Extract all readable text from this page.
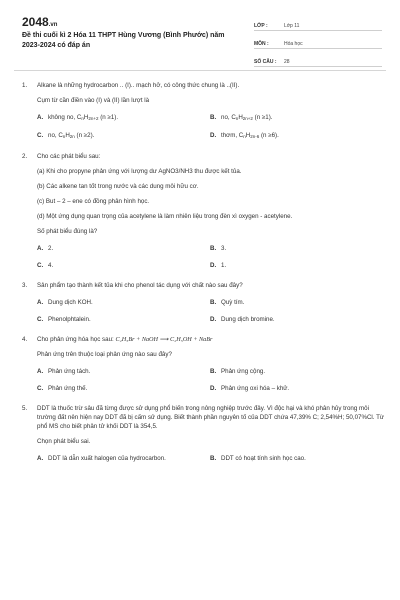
2048.vn
Đề thi cuối kì 2 Hóa 11 THPT Hùng Vương (Bình Phước) năm 2023-2024 có đáp án
LỚP :	Lớp 11
MÔN :	Hóa học
SỐ CÂU :	28
1.	Alkane là những hydrocarbon .. (I).. mạch hở, có công thức chung là ..(II).
Cụm từ cần điền vào (I) và (II) lần lượt là
A. không no, $C_nH_{2n+2}$ (n ≥1).	B. no, $C_nH_{2n+2}$ (n ≥1).
C. no, $C_nH_{2n}$ (n ≥2).	D. thơm, $C_nH_{2n-6}$ (n ≥6).
2.	Cho các phát biểu sau:
(a) Khi cho propyne phản ứng với lượng dư AgNO3/NH3 thu được kết tủa.
(b) Các alkene tan tốt trong nước và các dung môi hữu cơ.
(c) But – 2 – ene có đồng phân hình học.
(d) Một ứng dụng quan trọng của acetylene là làm nhiên liệu trong đèn xì oxygen - acetylene.
Số phát biểu đúng là?
A. 2.	B. 3.
C. 4.	D. 1.
3.	Sản phẩm tạo thành kết tủa khi cho phenol tác dụng với chất nào sau đây?
A. Dung dịch KOH.	B. Quỳ tím.
C. Phenolphtalein.	D. Dung dịch bromine.
4.	Cho phản ứng hóa học sau: C₂H₅Br + NaOH ⟶ C₂H₅OH + NaBr
Phản ứng trên thuộc loại phản ứng nào sau đây?
A. Phản ứng tách.	B. Phản ứng cộng.
C. Phản ứng thế.	D. Phản ứng oxi hóa – khử.
5.	DDT là thuốc trừ sâu đã từng được sử dụng phổ biến trong nông nghiệp trước đây. Vì độc hại và khó phân hủy trong môi trường đất nên hiện nay DDT đã bị cấm sử dụng. Biết thành phần nguyên tố của DDT chứa 47,39% C; 2,54%H; 50,07%Cl. Từ phổ MS cho biết phân tử khối DDT là 354,5.
Chọn phát biểu sai.
A. DDT là dẫn xuất halogen của hydrocarbon.	B. DDT có hoạt tính sinh học cao.
